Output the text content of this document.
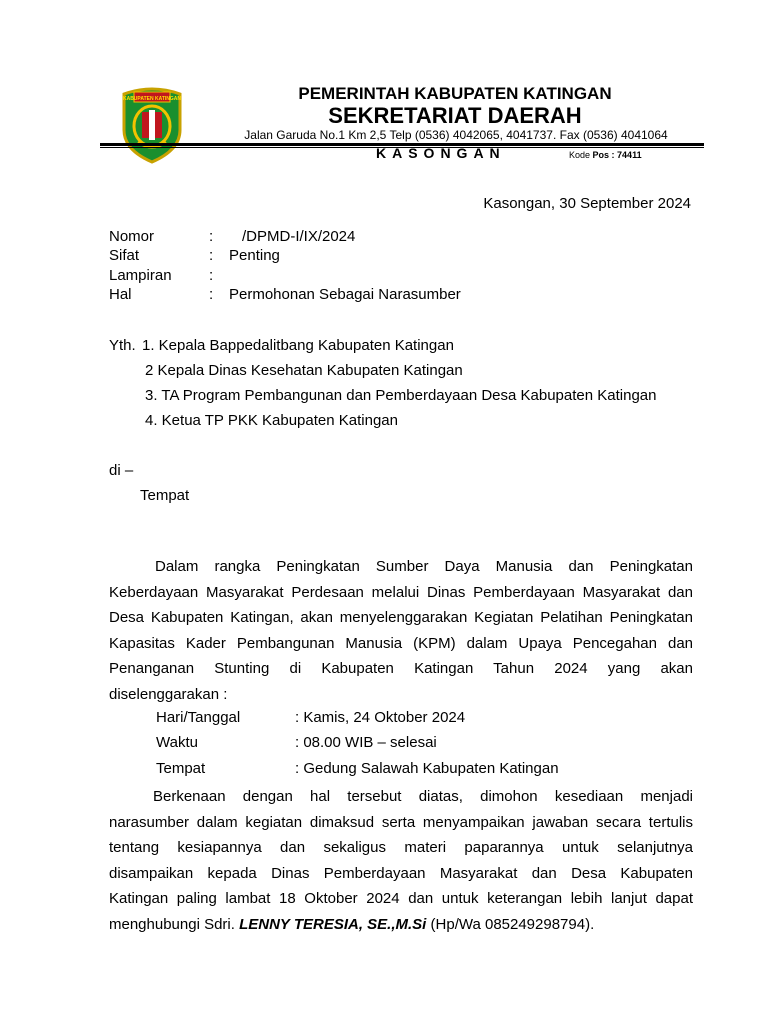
KABUPATEN KATINGAN	PEMERINTAH KABUPATEN KATINGAN
SEKRETARIAT DAERAH
Jalan Garuda No.1 Km 2,5 Telp (0536) 4042065, 4041737. Fax (0536) 4041064
KASONGAN	Kode Pos : 74411
Kasongan, 30 September 2024
Nomor	: /DPMD-I/IX/2024
Sifat	: Penting
Lampiran :
Hal	: Permohonan Sebagai Narasumber
Yth. 1. Kepala Bappedalitbang Kabupaten Katingan
2 Kepala Dinas Kesehatan Kabupaten Katingan
3. TA Program Pembangunan dan Pemberdayaan Desa Kabupaten Katingan
4. Ketua TP PKK Kabupaten Katingan
di –
Tempat
Dalam rangka Peningkatan Sumber Daya Manusia dan Peningkatan
Keberdayaan Masyarakat Perdesaan melalui Dinas Pemberdayaan Masyarakat dan
Desa Kabupaten Katingan, akan menyelenggarakan Kegiatan Pelatihan Peningkatan
Kapasitas Kader Pembangunan Manusia (KPM) dalam Upaya Pencegahan dan
Penanganan Stunting di Kabupaten Katingan Tahun 2024 yang akan
diselenggarakan :
Hari/Tanggal	: Kamis, 24 Oktober 2024
Waktu	: 08.00 WIB – selesai
Tempat	: Gedung Salawah Kabupaten Katingan
Berkenaan dengan hal tersebut diatas, dimohon kesediaan menjadi
narasumber dalam kegiatan dimaksud serta menyampaikan jawaban secara tertulis
tentang kesiapannya dan sekaligus materi paparannya untuk selanjutnya
disampaikan kepada Dinas Pemberdayaan Masyarakat dan Desa Kabupaten
Katingan paling lambat 18 Oktober 2024 dan untuk keterangan lebih lanjut dapat
menghubungi Sdri. LENNY TERESIA, SE.,M.Si (Hp/Wa 085249298794).
